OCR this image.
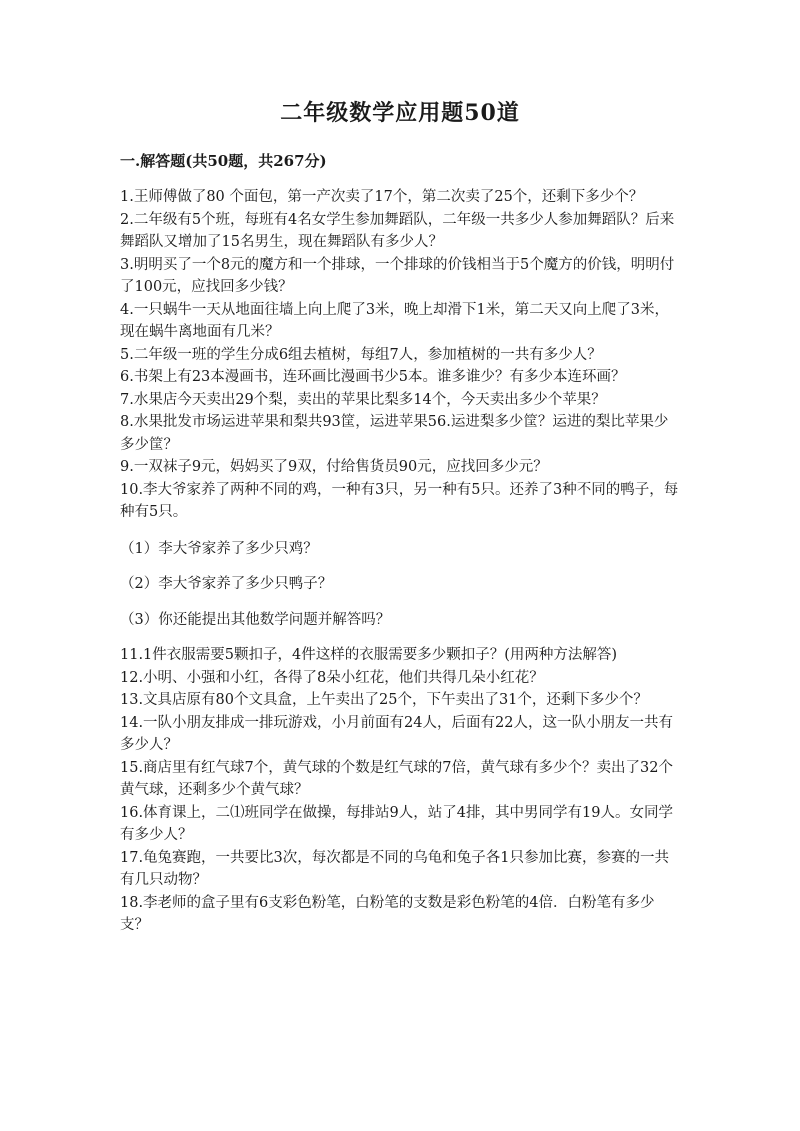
二年级数学应用题50道
一.解答题(共50题，共267分)

1.王师傅做了80 个面包，第一产次卖了17个，第二次卖了25个，还剩下多少个？

2.二年级有5个班，每班有4名女学生参加舞蹈队，二年级一共多少人参加舞蹈队？后来舞蹈队又增加了15名男生，现在舞蹈队有多少人？

3.明明买了一个8元的魔方和一个排球，一个排球的价钱相当于5个魔方的价钱，明明付了100元，应找回多少钱？

4.一只蜗牛一天从地面往墙上向上爬了3米，晚上却滑下1米，第二天又向上爬了3米，现在蜗牛离地面有几米？

5.二年级一班的学生分成6组去植树，每组7人，参加植树的一共有多少人？

6.书架上有23本漫画书，连环画比漫画书少5本。谁多谁少？有多少本连环画？

7.水果店今天卖出29个梨，卖出的苹果比梨多14个，今天卖出多少个苹果？

8.水果批发市场运进苹果和梨共93筐，运进苹果56.运进梨多少筐？运进的梨比苹果少多少筐？

9.一双袜子9元，妈妈买了9双，付给售货员90元，应找回多少元？

10.李大爷家养了两种不同的鸡，一种有3只，另一种有5只。还养了3种不同的鸭子，每种有5只。

（1）李大爷家养了多少只鸡？

（2）李大爷家养了多少只鸭子？

（3）你还能提出其他数学问题并解答吗？

11.1件衣服需要5颗扣子，4件这样的衣服需要多少颗扣子？(用两种方法解答)

12.小明、小强和小红，各得了8朵小红花，他们共得几朵小红花？

13.文具店原有80个文具盒，上午卖出了25个，下午卖出了31个，还剩下多少个？

14.一队小朋友排成一排玩游戏，小月前面有24人，后面有22人，这一队小朋友一共有多少人？

15.商店里有红气球7个，黄气球的个数是红气球的7倍，黄气球有多少个？卖出了32个黄气球，还剩多少个黄气球？

16.体育课上，二⑴班同学在做操，每排站9人，站了4排，其中男同学有19人。女同学有多少人？

17.龟兔赛跑，一共要比3次，每次都是不同的乌龟和兔子各1只参加比赛，参赛的一共有几只动物？

18.李老师的盒子里有6支彩色粉笔，白粉笔的支数是彩色粉笔的4倍．白粉笔有多少支？
